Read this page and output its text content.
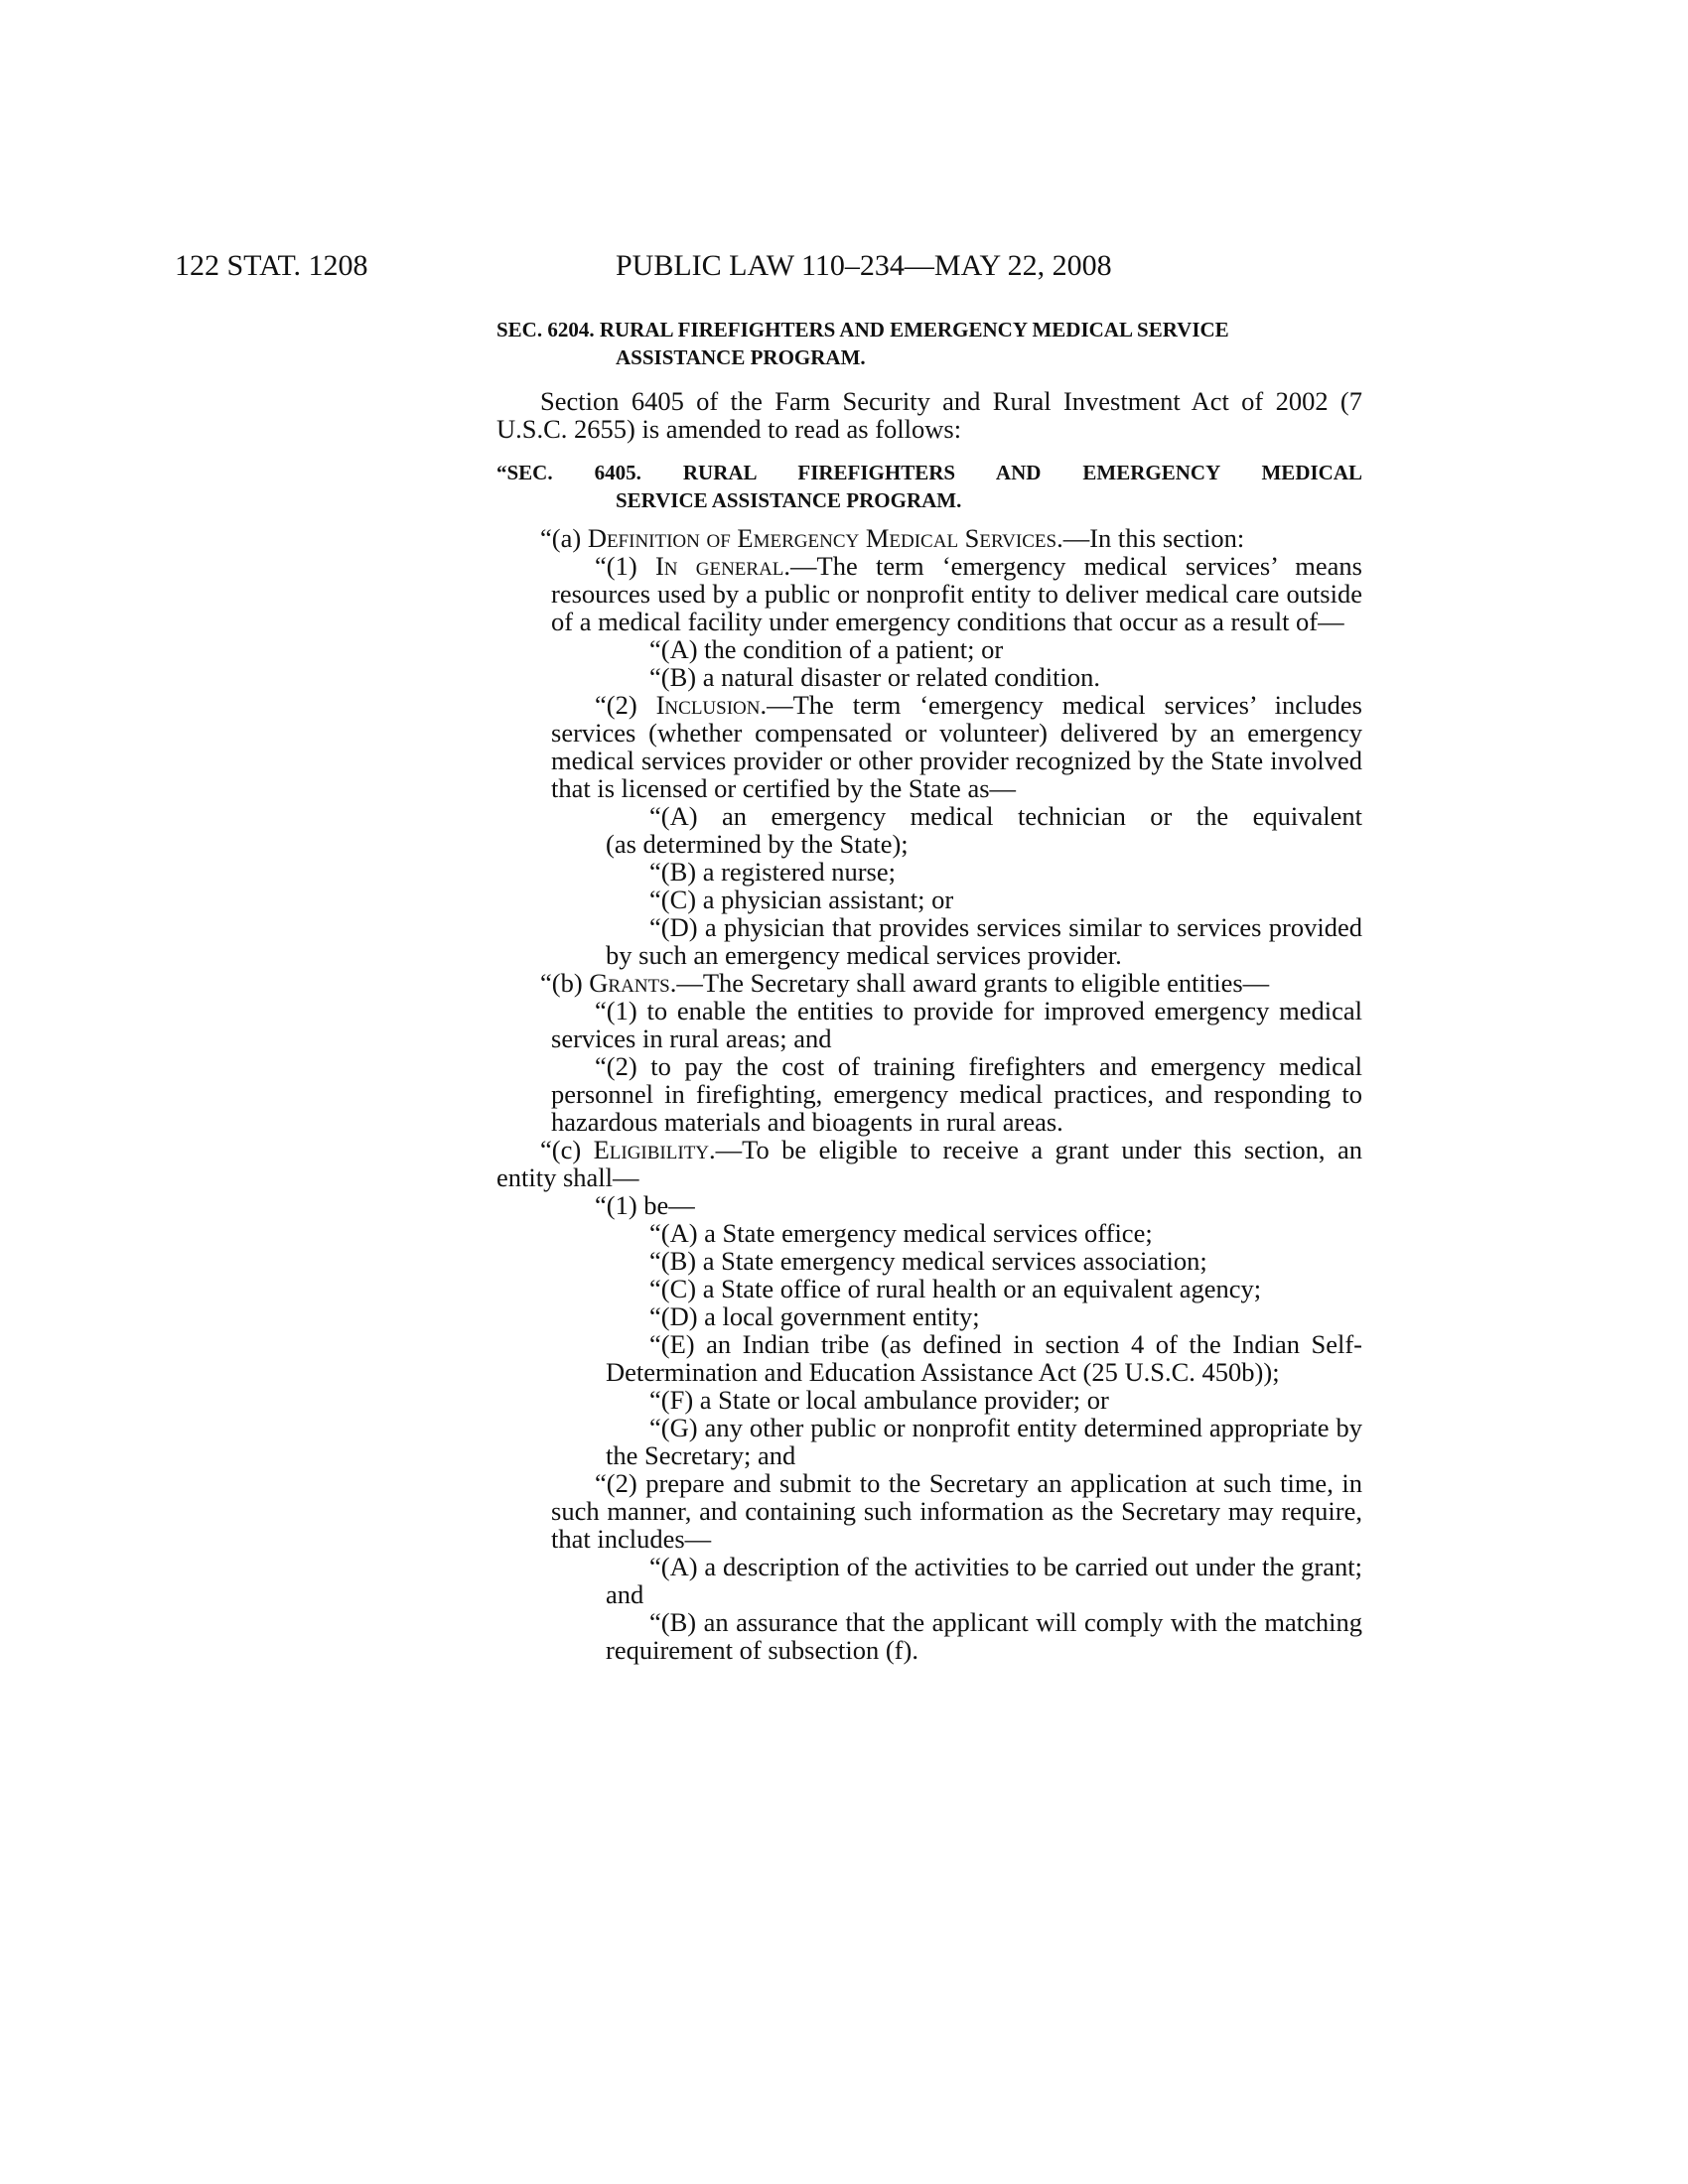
122 STAT. 1208	PUBLIC LAW 110–234—MAY 22, 2008

SEC. 6204. RURAL FIREFIGHTERS AND EMERGENCY MEDICAL SERVICE
ASSISTANCE PROGRAM.

Section 6405 of the Farm Security and Rural Investment Act of 2002 (7 U.S.C. 2655) is amended to read as follows:

“SEC. 6405. RURAL FIREFIGHTERS AND EMERGENCY MEDICAL
SERVICE ASSISTANCE PROGRAM.

“(a) Definition of Emergency Medical Services.—In this section:

“(1) In general.—The term ‘emergency medical services’ means resources used by a public or nonprofit entity to deliver medical care outside of a medical facility under emergency conditions that occur as a result of—

“(A) the condition of a patient; or

“(B) a natural disaster or related condition.

“(2) Inclusion.—The term ‘emergency medical services’ includes services (whether compensated or volunteer) delivered by an emergency medical services provider or other provider recognized by the State involved that is licensed or certified by the State as—

“(A) an emergency medical technician or the equivalent

(as determined by the State);

“(B) a registered nurse;

“(C) a physician assistant; or

“(D) a physician that provides services similar to services provided by such an emergency medical services provider.

“(b) Grants.—The Secretary shall award grants to eligible entities—

“(1) to enable the entities to provide for improved emergency medical services in rural areas; and

“(2) to pay the cost of training firefighters and emergency medical personnel in firefighting, emergency medical practices, and responding to hazardous materials and bioagents in rural areas.

“(c) Eligibility.—To be eligible to receive a grant under this section, an entity shall—

“(1) be—

“(A) a State emergency medical services office;

“(B) a State emergency medical services association;

“(C) a State office of rural health or an equivalent agency;

“(D) a local government entity;

“(E) an Indian tribe (as defined in section 4 of the Indian Self-Determination and Education Assistance Act (25 U.S.C. 450b));

“(F) a State or local ambulance provider; or

“(G) any other public or nonprofit entity determined appropriate by the Secretary; and

“(2) prepare and submit to the Secretary an application at such time, in such manner, and containing such information as the Secretary may require, that includes—

“(A) a description of the activities to be carried out under the grant; and

“(B) an assurance that the applicant will comply with the matching requirement of subsection (f).
